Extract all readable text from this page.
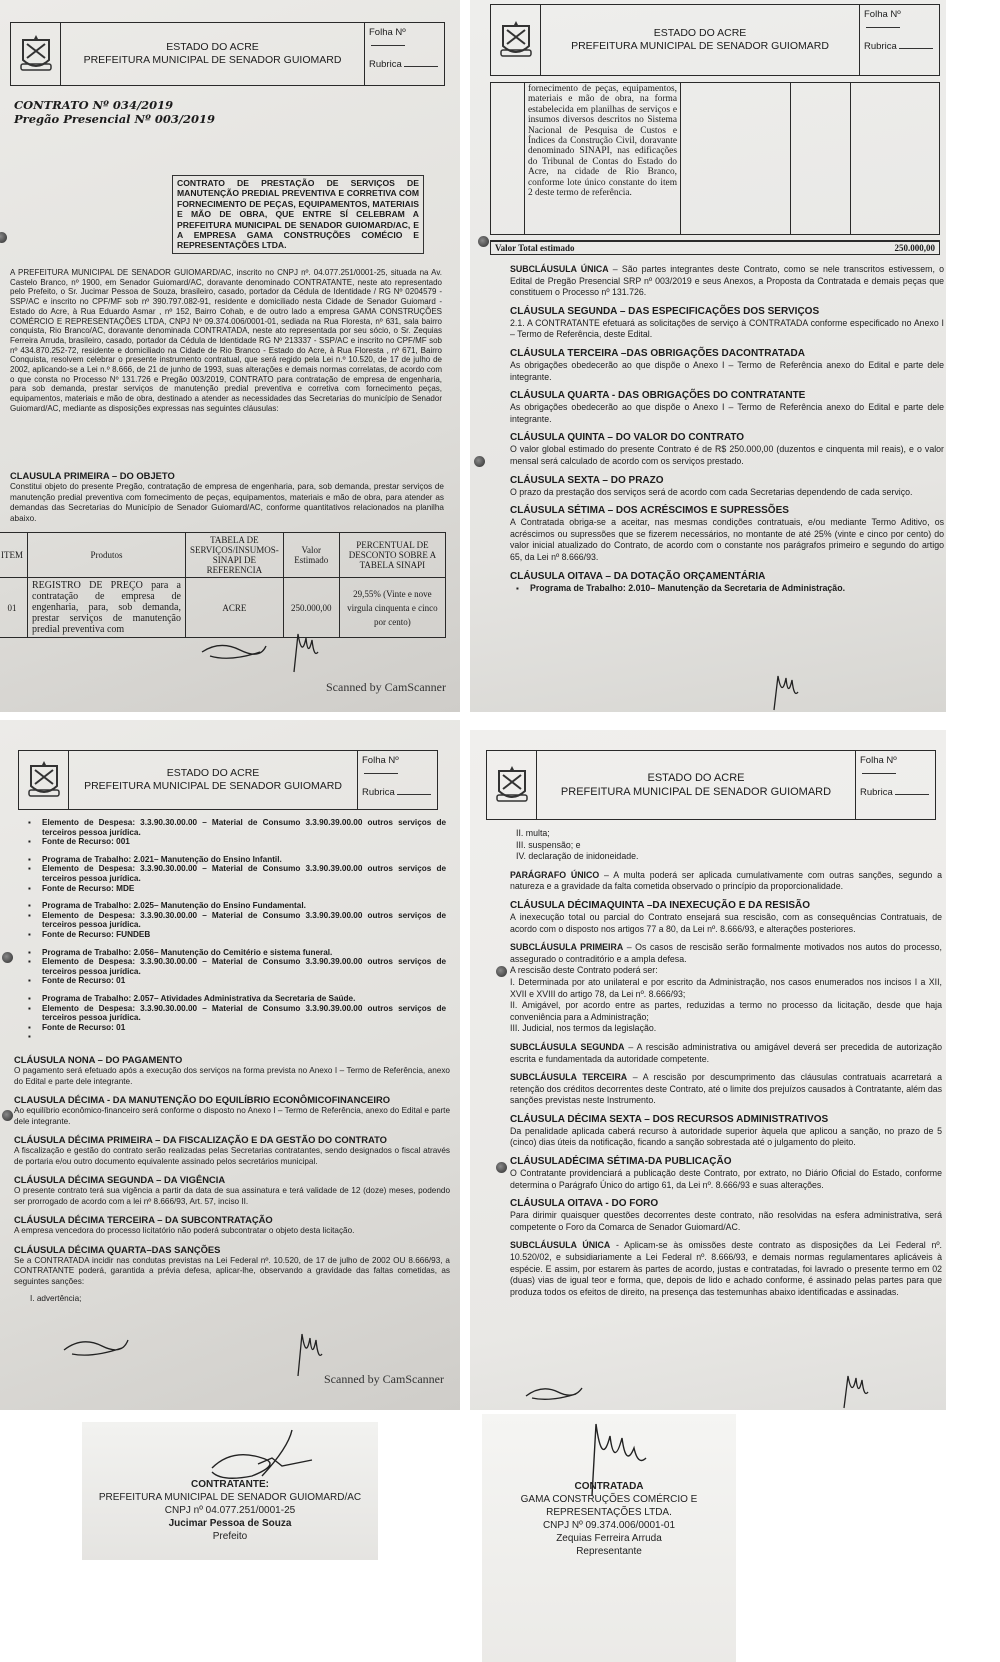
ESTADO DO ACRE
PREFEITURA MUNICIPAL DE SENADOR GUIOMARD
Folha Nº
Rubrica
CONTRATO Nº 034/2019
Pregão Presencial Nº 003/2019
CONTRATO DE PRESTAÇÃO DE SERVIÇOS DE MANUTENÇÃO PREDIAL PREVENTIVA E CORRETIVA COM FORNECIMENTO DE PEÇAS, EQUIPAMENTOS, MATERIAIS E MÃO DE OBRA, QUE ENTRE SÍ CELEBRAM A PREFEITURA MUNICIPAL DE SENADOR GUIOMARD/AC, E A EMPRESA GAMA CONSTRUÇÕES COMÉCIO E REPRESENTAÇÕES LTDA.
A PREFEITURA MUNICIPAL DE SENADOR GUIOMARD/AC, inscrito no CNPJ nº. 04.077.251/0001-25, situada na Av. Castelo Branco, nº 1900, em Senador Guiomard/AC, doravante denominado CONTRATANTE, neste ato representado pelo Prefeito, o Sr. Jucimar Pessoa de Souza, brasileiro, casado, portador da Cédula de Identidade / RG Nº 0204579 - SSP/AC e inscrito no CPF/MF sob nº 390.797.082-91, residente e domiciliado nesta Cidade de Senador Guiomard - Estado do Acre, à Rua Eduardo Asmar , nº 152, Bairro Cohab, e de outro lado a empresa GAMA CONSTRUÇÕES COMÉRCIO E REPRESENTAÇÕES LTDA, CNPJ Nº 09.374.006/0001-01, sediada na Rua Floresta, nº 631, sala bairro conquista, Rio Branco/AC, doravante denominada CONTRATADA, neste ato representada por seu sócio, o Sr. Zequias Ferreira Arruda, brasileiro, casado, portador da Cédula de Identidade RG Nº 213337 - SSP/AC e inscrito no CPF/MF sob nº 434.870.252-72, residente e domiciliado na Cidade de Rio Branco - Estado do Acre, à Rua Floresta , nº 671, Bairro Conquista, resolvem celebrar o presente instrumento contratual, que será regido pela Lei n.º 10.520, de 17 de julho de 2002, aplicando-se a Lei n.º 8.666, de 21 de junho de 1993, suas alterações e demais normas correlatas, de acordo com o que consta no Processo Nº 131.726 e Pregão 003/2019, CONTRATO para contratação de empresa de engenharia, para sob demanda, prestar serviços de manutenção predial preventiva e corretiva com fornecimento peças, equipamentos, materiais e mão de obra, destinado a atender as necessidades das Secretarias do município de Senador Guiomard/AC, mediante as disposições expressas nas seguintes cláusulas:
CLAUSULA PRIMEIRA – DO OBJETO
Constitui objeto do presente Pregão, contratação de empresa de engenharia, para, sob demanda, prestar serviços de manutenção predial preventiva com fornecimento de peças, equipamentos, materiais e mão de obra, para atender as demandas das Secretarias do Município de Senador Guiomard/AC, conforme quantitativos relacionados na planilha abaixo.
ITEM	Produtos	TABELA DE SERVIÇOS/INSUMOS-SINAPI DE REFERENCIA	Valor Estimado	PERCENTUAL DE DESCONTO SOBRE A TABELA SINAPI
01	REGISTRO DE PREÇO para a contratação de empresa de engenharia, para, sob demanda, prestar serviços de manutenção predial preventiva com	ACRE	250.000,00	29,55% (Vinte e nove virgula cinquenta e cinco por cento)
Scanned by CamScanner
ESTADO DO ACRE
PREFEITURA MUNICIPAL DE SENADOR GUIOMARD
Folha Nº
Rubrica
	fornecimento de peças, equipamentos, materiais e mão de obra, na forma estabelecida em planilhas de serviços e insumos diversos descritos no Sistema Nacional de Pesquisa de Custos e Índices da Construção Civil, doravante denominado SINAPI, nas edificações do Tribunal de Contas do Estado do Acre, na cidade de Rio Branco, conforme lote único constante do item 2 deste termo de referência.			
Valor Total estimado	250.000,00
SUBCLÁUSULA ÚNICA – São partes integrantes deste Contrato, como se nele transcritos estivessem, o Edital de Pregão Presencial SRP nº 003/2019 e seus Anexos, a Proposta da Contratada e demais peças que constituem o Processo nº 131.726.
CLÁUSULA SEGUNDA – DAS ESPECIFICAÇÕES DOS SERVIÇOS
2.1. A CONTRATANTE efetuará as solicitações de serviço à CONTRATADA conforme especificado no Anexo I – Termo de Referência, deste Edital.
CLÁUSULA TERCEIRA –DAS OBRIGAÇÕES DACONTRATADA
As obrigações obedecerão ao que dispõe o Anexo I – Termo de Referência anexo do Edital e parte dele integrante.
CLÁUSULA QUARTA - DAS OBRIGAÇÕES DO CONTRATANTE
As obrigações obedecerão ao que dispõe o Anexo I – Termo de Referência anexo do Edital e parte dele integrante.
CLÁUSULA QUINTA – DO VALOR DO CONTRATO
O valor global estimado do presente Contrato é de R$ 250.000,00 (duzentos e cinquenta mil reais), e o valor mensal será calculado de acordo com os serviços prestado.
CLÁUSULA SEXTA – DO PRAZO
O prazo da prestação dos serviços será de acordo com cada Secretarias dependendo de cada serviço.
CLÁUSULA SÉTIMA – DOS ACRÉSCIMOS E SUPRESSÕES
A Contratada obriga-se a aceitar, nas mesmas condições contratuais, e/ou mediante Termo Aditivo, os acréscimos ou supressões que se fizerem necessários, no montante de até 25% (vinte e cinco por cento) do valor inicial atualizado do Contrato, de acordo com o constante nos parágrafos primeiro e segundo do artigo 65, da Lei nº 8.666/93.
CLÁUSULA OITAVA – DA DOTAÇÃO ORÇAMENTÁRIA
▪ Programa de Trabalho: 2.010– Manutenção da Secretaria de Administração.
ESTADO DO ACRE
PREFEITURA MUNICIPAL DE SENADOR GUIOMARD
Folha Nº
Rubrica
▪ Elemento de Despesa: 3.3.90.30.00.00 – Material de Consumo 3.3.90.39.00.00 outros serviços de terceiros pessoa jurídica.
▪ Fonte de Recurso: 001
▪ Programa de Trabalho: 2.021– Manutenção do Ensino Infantil.
▪ Elemento de Despesa: 3.3.90.30.00.00 – Material de Consumo 3.3.90.39.00.00 outros serviços de terceiros pessoa jurídica.
▪ Fonte de Recurso: MDE
▪ Programa de Trabalho: 2.025– Manutenção do Ensino Fundamental.
▪ Elemento de Despesa: 3.3.90.30.00.00 – Material de Consumo 3.3.90.39.00.00 outros serviços de terceiros pessoa jurídica.
▪ Fonte de Recurso: FUNDEB
▪ Programa de Trabalho: 2.056– Manutenção do Cemitério e sistema funeral.
▪ Elemento de Despesa: 3.3.90.30.00.00 – Material de Consumo 3.3.90.39.00.00 outros serviços de terceiros pessoa jurídica.
▪ Fonte de Recurso: 01
▪ Programa de Trabalho: 2.057– Atividades Administrativa da Secretaria de Saúde.
▪ Elemento de Despesa: 3.3.90.30.00.00 – Material de Consumo 3.3.90.39.00.00 outros serviços de terceiros pessoa jurídica.
▪ Fonte de Recurso: 01
CLÁUSULA NONA – DO PAGAMENTO
O pagamento será efetuado após a execução dos serviços na forma prevista no Anexo I – Termo de Referência, anexo do Edital e parte dele integrante.
CLAUSULA DÉCIMA - DA MANUTENÇÃO DO EQUILÍBRIO ECONÔMICOFINANCEIRO
Ao equilíbrio econômico-financeiro será conforme o disposto no Anexo I – Termo de Referência, anexo do Edital e parte dele integrante.
CLÁUSULA DÉCIMA PRIMEIRA – DA FISCALIZAÇÃO E DA GESTÃO DO CONTRATO
A fiscalização e gestão do contrato serão realizadas pelas Secretarias contratantes, sendo designados o fiscal através de portaria e/ou outro documento equivalente assinado pelos secretários municipal.
CLÁUSULA DÉCIMA SEGUNDA – DA VIGÊNCIA
O presente contrato terá sua vigência a partir da data de sua assinatura e terá validade de 12 (doze) meses, podendo ser prorrogado de acordo com a lei nº 8.666/93, Art. 57, inciso II.
CLÁUSULA DÉCIMA TERCEIRA – DA SUBCONTRATAÇÃO
A empresa vencedora do processo licitatório não poderá subcontratar o objeto desta licitação.
CLÁUSULA DÉCIMA QUARTA–DAS SANÇÕES
Se a CONTRATADA incidir nas condutas previstas na Lei Federal nº. 10.520, de 17 de julho de 2002 OU 8.666/93, a CONTRATANTE poderá, garantida a prévia defesa, aplicar-lhe, observando a gravidade das faltas cometidas, as seguintes sanções:
I. advertência;
Scanned by CamScanner
ESTADO DO ACRE
PREFEITURA MUNICIPAL DE SENADOR GUIOMARD
Folha Nº
Rubrica
II. multa;
III. suspensão; e
IV. declaração de inidoneidade.
PARÁGRAFO ÚNICO – A multa poderá ser aplicada cumulativamente com outras sanções, segundo a natureza e a gravidade da falta cometida observado o princípio da proporcionalidade.
CLÁUSULA DÉCIMAQUINTA –DA INEXECUÇÃO E DA RESISÃO
A inexecução total ou parcial do Contrato ensejará sua rescisão, com as consequências Contratuais, de acordo com o disposto nos artigos 77 a 80, da Lei nº. 8.666/93, e alterações posteriores.
SUBCLÁUSULA PRIMEIRA – Os casos de rescisão serão formalmente motivados nos autos do processo, assegurado o contraditório e a ampla defesa.
A rescisão deste Contrato poderá ser:
I. Determinada por ato unilateral e por escrito da Administração, nos casos enumerados nos incisos I a XII, XVII e XVIII do artigo 78, da Lei nº. 8.666/93;
II. Amigável, por acordo entre as partes, reduzidas a termo no processo da licitação, desde que haja conveniência para a Administração;
III. Judicial, nos termos da legislação.
SUBCLÁUSULA SEGUNDA – A rescisão administrativa ou amigável deverá ser precedida de autorização escrita e fundamentada da autoridade competente.
SUBCLÁUSULA TERCEIRA – A rescisão por descumprimento das cláusulas contratuais acarretará a retenção dos créditos decorrentes deste Contrato, até o limite dos prejuízos causados à Contratante, além das sanções previstas neste Instrumento.
CLÁUSULA DÉCIMA SEXTA – DOS RECURSOS ADMINISTRATIVOS
Da penalidade aplicada caberá recurso à autoridade superior àquela que aplicou a sanção, no prazo de 5 (cinco) dias úteis da notificação, ficando a sanção sobrestada até o julgamento do pleito.
CLÁUSULADÉCIMA SÉTIMA-DA PUBLICAÇÃO
O Contratante providenciará a publicação deste Contrato, por extrato, no Diário Oficial do Estado, conforme determina o Parágrafo Único do artigo 61, da Lei nº. 8.666/93 e suas alterações.
CLÁUSULA OITAVA - DO FORO
Para dirimir quaisquer questões decorrentes deste contrato, não resolvidas na esfera administrativa, será competente o Foro da Comarca de Senador Guiomard/AC.
SUBCLÁUSULA ÚNICA - Aplicam-se às omissões deste contrato as disposições da Lei Federal nº. 10.520/02, e subsidiariamente a Lei Federal nº. 8.666/93, e demais normas regulamentares aplicáveis à espécie. E assim, por estarem às partes de acordo, justas e contratadas, foi lavrado o presente termo em 02 (duas) vias de igual teor e forma, que, depois de lido e achado conforme, é assinado pelas partes para que produza todos os efeitos de direito, na presença das testemunhas abaixo identificadas e assinadas.
CONTRATANTE:
PREFEITURA MUNICIPAL DE SENADOR GUIOMARD/AC
CNPJ nº 04.077.251/0001-25
Jucimar Pessoa de Souza
Prefeito
CONTRATADA
GAMA CONSTRUÇÕES COMÉRCIO E
REPRESENTAÇÕES LTDA.
CNPJ Nº 09.374.006/0001-01
Zequias Ferreira Arruda
Representante
